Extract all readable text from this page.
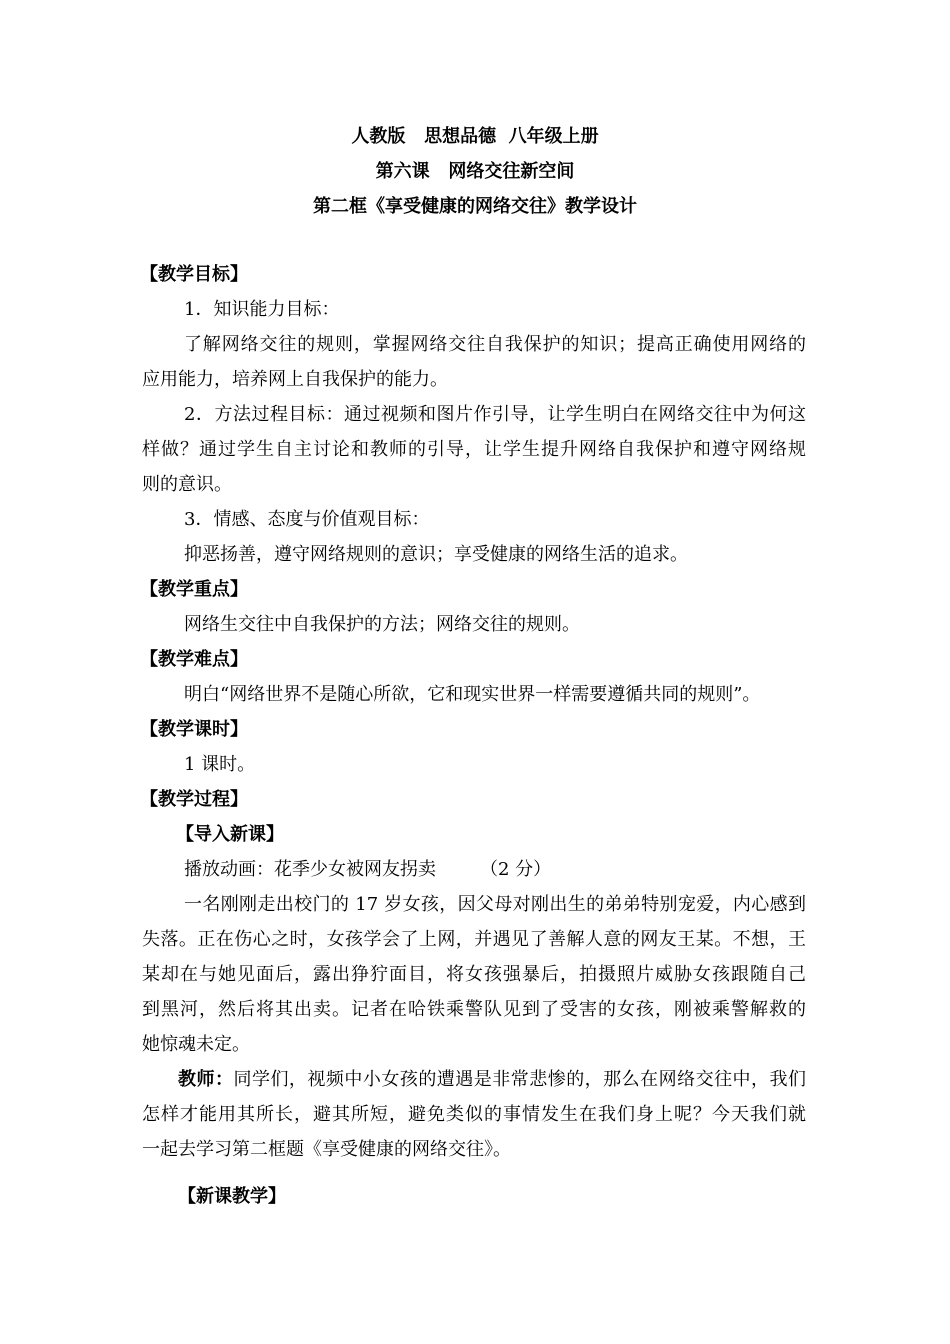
人教版   思想品德  八年级上册
第六课   网络交往新空间
第二框《享受健康的网络交往》教学设计
【教学目标】
1．知识能力目标：
了解网络交往的规则，掌握网络交往自我保护的知识；提高正确使用网络的
应用能力，培养网上自我保护的能力。
2．方法过程目标：通过视频和图片作引导，让学生明白在网络交往中为何这
样做？通过学生自主讨论和教师的引导，让学生提升网络自我保护和遵守网络规
则的意识。
3．情感、态度与价值观目标：
抑恶扬善，遵守网络规则的意识；享受健康的网络生活的追求。
【教学重点】
网络生交往中自我保护的方法；网络交往的规则。
【教学难点】
明白“网络世界不是随心所欲，它和现实世界一样需要遵循共同的规则”。
【教学课时】
1 课时。
【教学过程】
【导入新课】
播放动画：花季少女被网友拐卖 （2 分）
一名刚刚走出校门的 17 岁女孩，因父母对刚出生的弟弟特别宠爱，内心感到
失落。正在伤心之时，女孩学会了上网，并遇见了善解人意的网友王某。不想，王
某却在与她见面后，露出狰狞面目，将女孩强暴后，拍摄照片威胁女孩跟随自己
到黑河，然后将其出卖。记者在哈铁乘警队见到了受害的女孩，刚被乘警解救的
她惊魂未定。
教师：同学们，视频中小女孩的遭遇是非常悲惨的，那么在网络交往中，我们
怎样才能用其所长，避其所短，避免类似的事情发生在我们身上呢？今天我们就
一起去学习第二框题《享受健康的网络交往》。
【新课教学】
